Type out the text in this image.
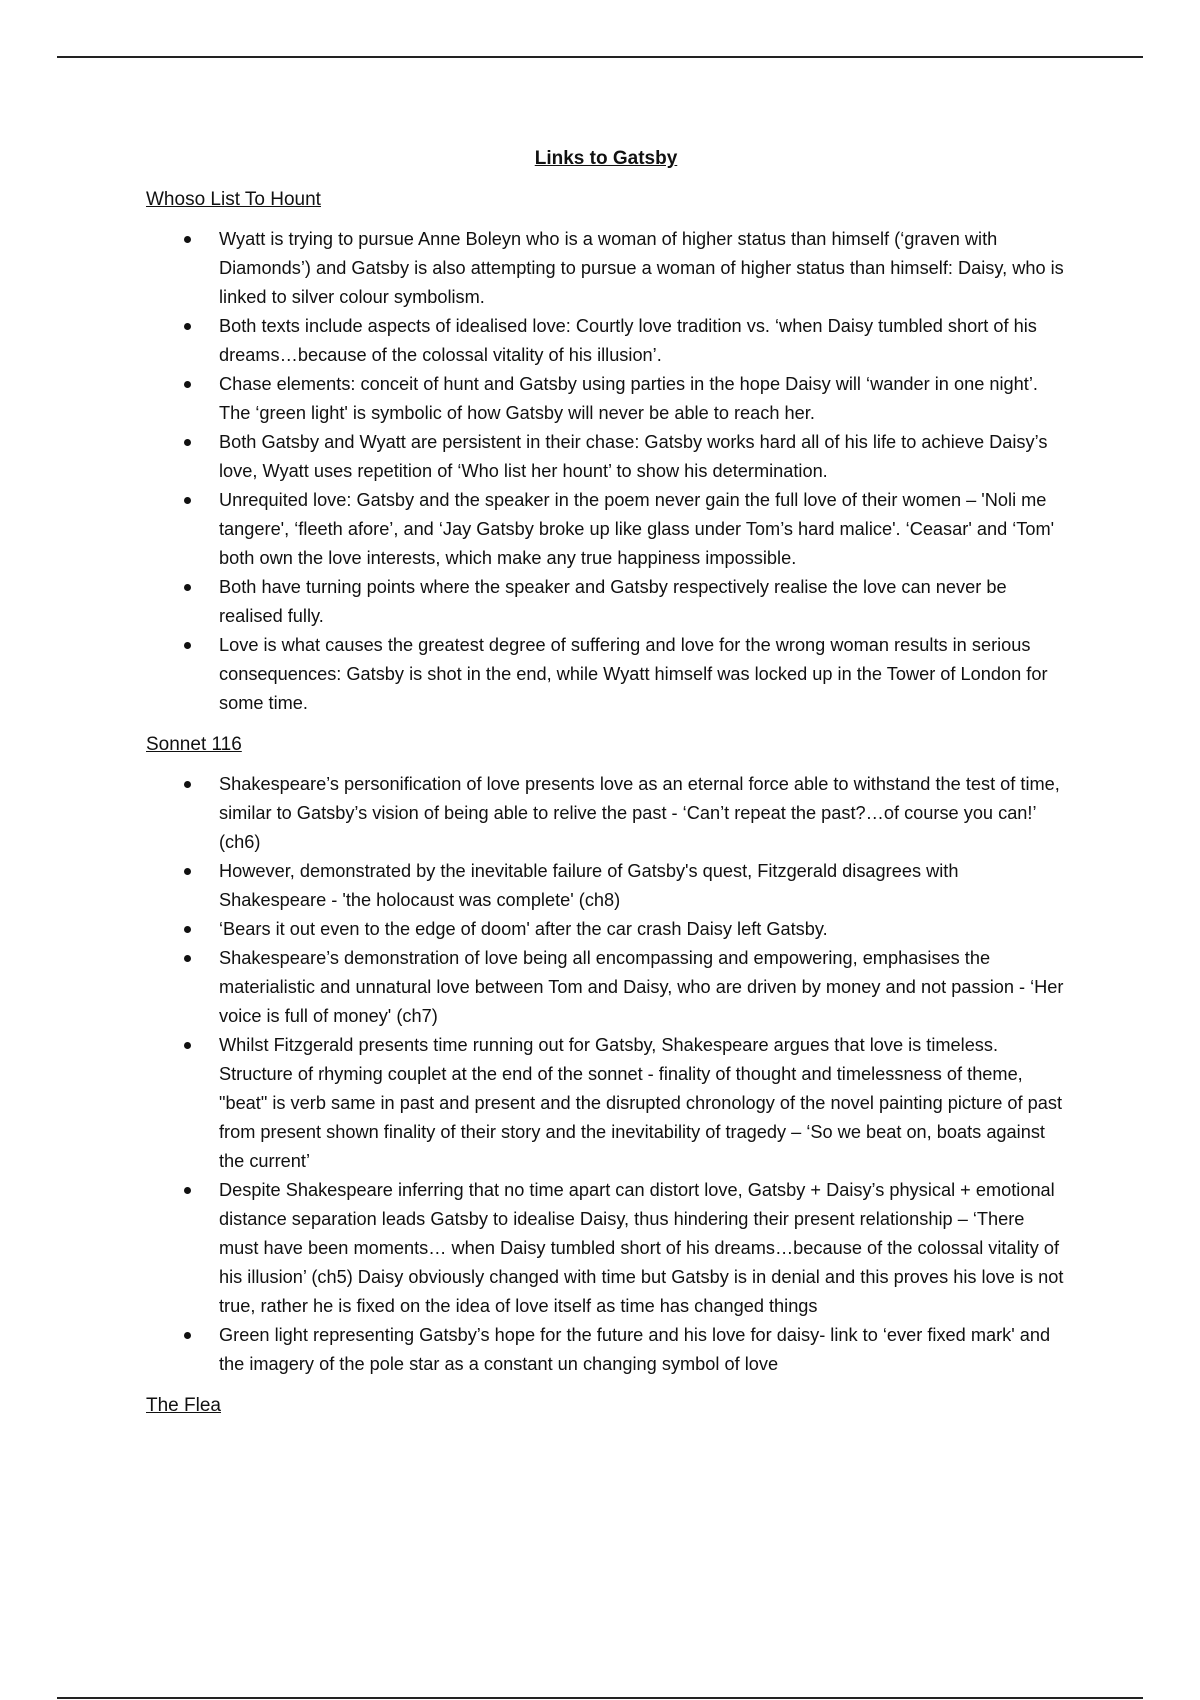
Links to Gatsby
Whoso List To Hount
Wyatt is trying to pursue Anne Boleyn who is a woman of higher status than himself (‘graven with Diamonds’) and Gatsby is also attempting to pursue a woman of higher status than himself: Daisy, who is linked to silver colour symbolism.
Both texts include aspects of idealised love: Courtly love tradition vs. ‘when Daisy tumbled short of his dreams…because of the colossal vitality of his illusion’.
Chase elements: conceit of hunt and Gatsby using parties in the hope Daisy will ‘wander in one night’. The ‘green light' is symbolic of how Gatsby will never be able to reach her.
Both Gatsby and Wyatt are persistent in their chase: Gatsby works hard all of his life to achieve Daisy’s love, Wyatt uses repetition of ‘Who list her hount’ to show his determination.
Unrequited love: Gatsby and the speaker in the poem never gain the full love of their women – 'Noli me tangere', ‘fleeth afore’, and ‘Jay Gatsby broke up like glass under Tom’s hard malice'. ‘Ceasar' and ‘Tom' both own the love interests, which make any true happiness impossible.
Both have turning points where the speaker and Gatsby respectively realise the love can never be realised fully.
Love is what causes the greatest degree of suffering and love for the wrong woman results in serious consequences: Gatsby is shot in the end, while Wyatt himself was locked up in the Tower of London for some time.
Sonnet 116
Shakespeare’s personification of love presents love as an eternal force able to withstand the test of time, similar to Gatsby’s vision of being able to relive the past - ‘Can’t repeat the past?…of course you can!’ (ch6)
However, demonstrated by the inevitable failure of Gatsby's quest, Fitzgerald disagrees with Shakespeare - 'the holocaust was complete' (ch8)
‘Bears it out even to the edge of doom' after the car crash Daisy left Gatsby.
Shakespeare’s demonstration of love being all encompassing and empowering, emphasises the materialistic and unnatural love between Tom and Daisy, who are driven by money and not passion - ‘Her voice is full of money' (ch7)
Whilst Fitzgerald presents time running out for Gatsby, Shakespeare argues that love is timeless. Structure of rhyming couplet at the end of the sonnet - finality of thought and timelessness of theme, "beat" is verb same in past and present and the disrupted chronology of the novel painting picture of past from present shown finality of their story and the inevitability of tragedy – ‘So we beat on, boats against the current’
Despite Shakespeare inferring that no time apart can distort love, Gatsby + Daisy’s physical + emotional distance separation leads Gatsby to idealise Daisy, thus hindering their present relationship – ‘There must have been moments… when Daisy tumbled short of his dreams…because of the colossal vitality of his illusion’ (ch5) Daisy obviously changed with time but Gatsby is in denial and this proves his love is not true, rather he is fixed on the idea of love itself as time has changed things
Green light representing Gatsby’s hope for the future and his love for daisy- link to ‘ever fixed mark' and the imagery of the pole star as a constant un changing symbol of love
The Flea
